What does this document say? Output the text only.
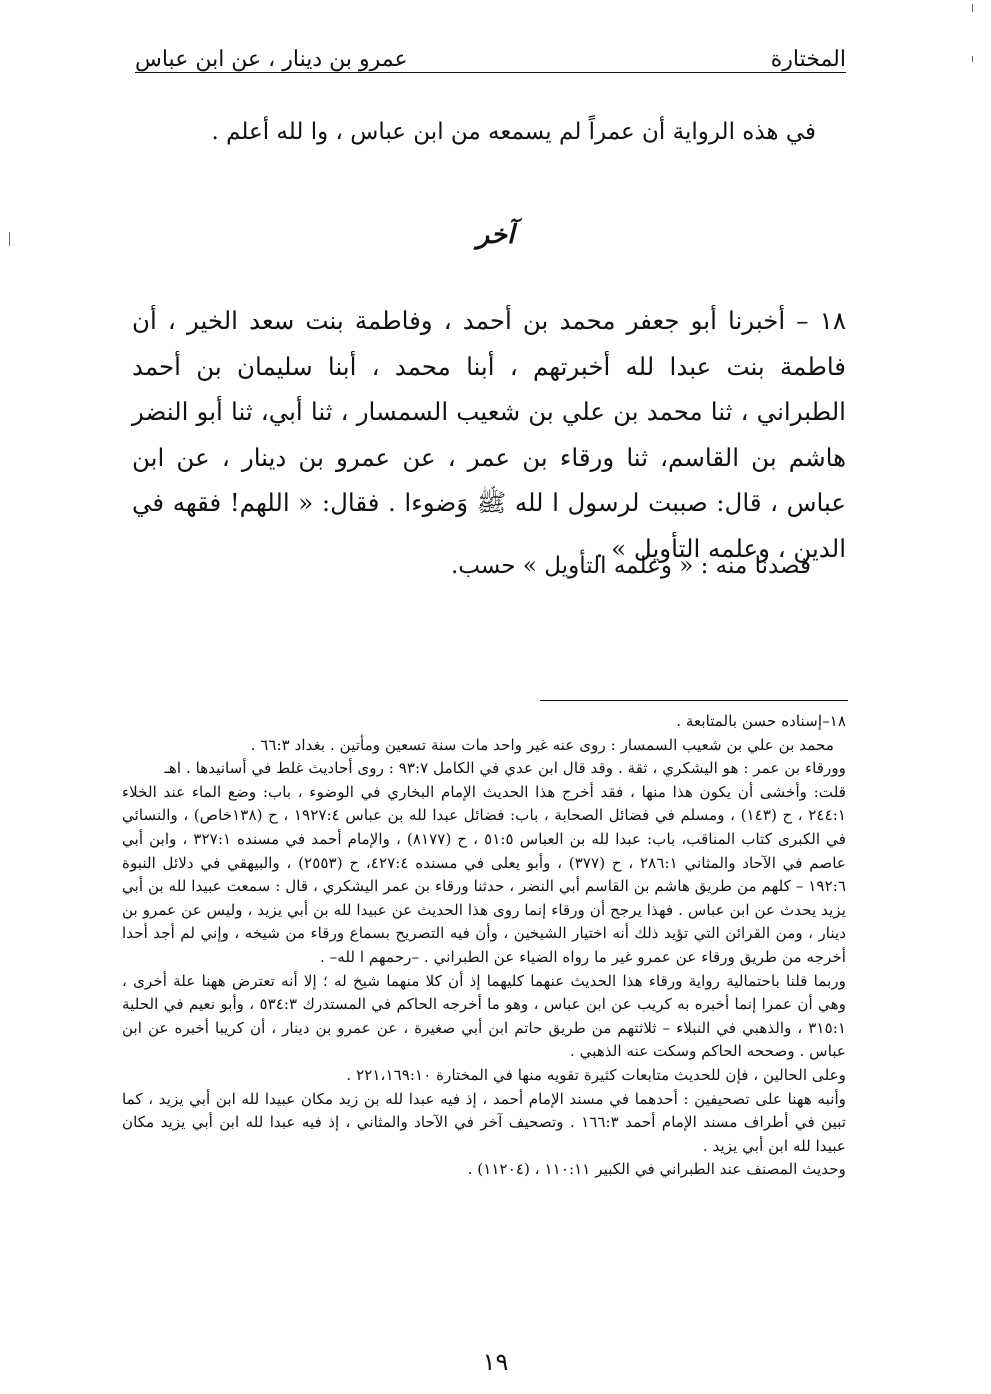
المختارة
عمرو بن دينار ، عن ابن عباس
في هذه الرواية أن عمراً لم يسمعه من ابن عباس ، وا لله أعلم .
آخر
١٨ – أخبرنا أبو جعفر محمد بن أحمد ، وفاطمة بنت سعد الخير ، أن فاطمة بنت عبدا لله أخبرتهم ، أبنا محمد ، أبنا سليمان بن أحمد الطبراني ، ثنا محمد بن علي بن شعيب السمسار ، ثنا أبي، ثنا أبو النضر هاشم بن القاسم، ثنا ورقاء بن عمر ، عن عمرو بن دينار ، عن ابن عباس ، قال: صببت لرسول ا لله ﷺ وَضوءا . فقال: « اللهم! فقهه في الدين ، وعلمه التأويل » .
قصدنا منه : « وعلمه التأويل » حسب.

١٨–إسناده حسن بالمتابعة .

محمد بن علي بن شعيب السمسار : روى عنه غير واحد مات سنة تسعين ومأتين . بغداد ٦٦:٣ .

وورقاء بن عمر : هو اليشكري ، ثقة . وقد قال ابن عدي في الكامل ٩٣:٧ : روى أحاديث غلط في أسانيدها . اهـ

قلت: وأخشى أن يكون هذا منها ، فقد أخرج هذا الحديث الإمام البخاري في الوضوء ، باب: وضع الماء عند الخلاء ٢٤٤:١ ، ح (١٤٣) ، ومسلم في فضائل الصحابة ، باب: فضائل عبدا لله بن عباس ١٩٢٧:٤ ، ح (١٣٨خاص) ، والنسائي في الكبرى كتاب المناقب، باب: عبدا لله بن العباس ٥١:٥ ، ح (٨١٧٧) ، والإمام أحمد في مسنده ٣٢٧:١ ، وابن أبي عاصم في الآحاد والمثاني ٢٨٦:١ ، ح (٣٧٧) ، وأبو يعلى في مسنده ٤٢٧:٤، ح (٢٥٥٣) ، والبيهقي في دلائل النبوة ١٩٢:٦ – كلهم من طريق هاشم بن القاسم أبي النضر ، حدثنا ورقاء بن عمر اليشكري ، قال : سمعت عبيدا لله بن أبي يزيد يحدث عن ابن عباس . فهذا يرجح أن ورقاء إنما روى هذا الحديث عن عبيدا لله بن أبي يزيد ، وليس عن عمرو بن دينار ، ومن القرائن التي تؤيد ذلك أنه اختيار الشيخين ، وأن فيه التصريح بسماع ورقاء من شيخه ، وإني لم أجد أحدا أخرجه من طريق ورقاء عن عمرو غير ما رواه الضياء عن الطبراني . –رحمهم ا لله– .

وربما قلنا باحتمالية رواية ورقاء هذا الحديث عنهما كليهما إذ أن كلا منهما شيخ له ؛ إلا أنه تعترض ههنا علة أخرى ، وهي أن عمرا إنما أخبره به كريب عن ابن عباس ، وهو ما أخرجه الحاكم في المستدرك ٥٣٤:٣ ، وأبو نعيم في الحلية ٣١٥:١ ، والذهبي في النبلاء – ثلاثتهم من طريق حاتم ابن أبي صغيرة ، عن عمرو بن دينار ، أن كريبا أخبره عن ابن عباس . وصححه الحاكم وسكت عنه الذهبي .

وعلى الحالين ، فإن للحديث متابعات كثيرة تقويه منها في المختارة ٢٢١،١٦٩:١٠ .

وأنبه ههنا على تصحيفين : أحدهما في مسند الإمام أحمد ، إذ فيه عبدا لله بن زيد مكان عبيدا لله ابن أبي يزيد ، كما تبين في أطراف مسند الإمام أحمد ١٦٦:٣ . وتصحيف آخر في الآحاد والمثاني ، إذ فيه عبدا لله ابن أبي يزيد مكان عبيدا لله ابن أبي يزيد .

وحديث المصنف عند الطبراني في الكبير ١١٠:١١ ، (١١٢٠٤) .

١٩
